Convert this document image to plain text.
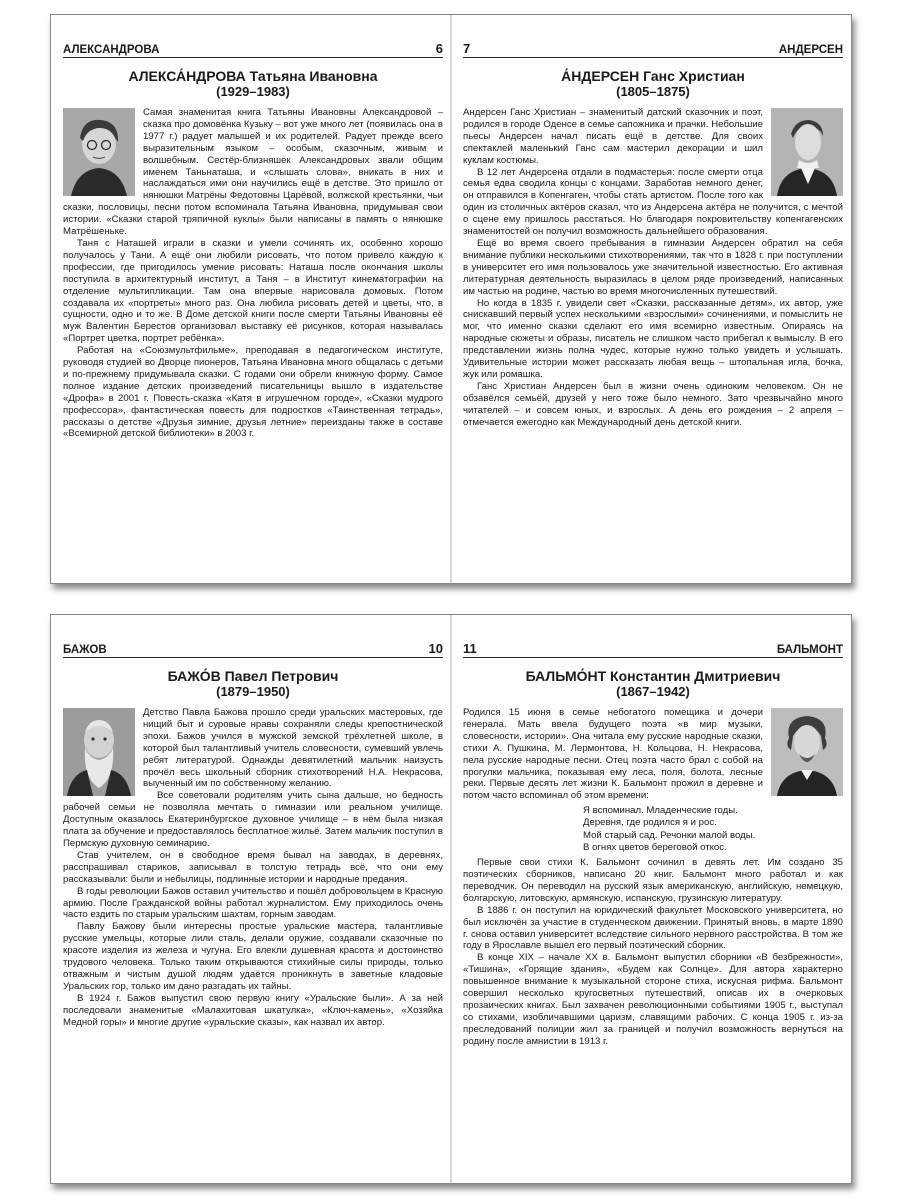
АЛЕКСАНДРОВА	6
АЛЕКСА́НДРОВА Татьяна Ивановна
(1929–1983)

Самая знаменитая книга Татьяны Ивановны Александровой – сказка про домовёнка Кузьку – вот уже много лет (появилась она в 1977 г.) радует малышей и их родителей. Радует прежде всего выразительным языком – особым, сказочным, живым и волшебным. Сестёр-близняшек Александровых звали общим именем Таньнаташа, и «слышать слова», вникать в них и наслаждаться ими они научились ещё в детстве. Это пришло от нянюшки Матрёны Федотовны Царёвой, волжской крестьянки, чьи сказки, пословицы, песни потом вспоминала Татьяна Ивановна, придумывая свои истории. «Сказки старой тряпичной куклы» были написаны в память о нянюшке Матрёшеньке.

Таня с Наташей играли в сказки и умели сочинять их, особенно хорошо получалось у Тани. А ещё они любили рисовать, что потом привело каждую к профессии, где пригодилось умение рисовать: Наташа после окончания школы поступила в архитектурный институт, а Таня – в Институт кинематографии на отделение мультипликации. Там она впервые нарисовала домовых. Потом создавала их «портреты» много раз. Она любила рисовать детей и цветы, что, в сущности, одно и то же. В Доме детской книги после смерти Татьяны Ивановны её муж Валентин Берестов организовал выставку её рисунков, которая называлась «Портрет цветка, портрет ребёнка».

Работая на «Союзмультфильме», преподавая в педагогическом институте, руководя студией во Дворце пионеров, Татьяна Ивановна много общалась с детьми и по-прежнему придумывала сказки. С годами они обрели книжную форму. Самое полное издание детских произведений писательницы вышло в издательстве «Дрофа» в 2001 г. Повесть-сказка «Катя в игрушечном городе», «Сказки мудрого профессора», фантастическая повесть для подростков «Таинственная тетрадь», рассказы о детстве «Друзья зимние, друзья летние» переизданы также в составе «Всемирной детской библиотеки» в 2003 г.

7	АНДЕРСЕН
А́НДЕРСЕН Ганс Христиан
(1805–1875)

Андерсен Ганс Христиан – знаменитый датский сказочник и поэт, родился в городе Оденсе в семье сапожника и прачки. Небольшие пьесы Андерсен начал писать ещё в детстве. Для своих спектаклей маленький Ганс сам мастерил декорации и шил куклам костюмы.

В 12 лет Андерсена отдали в подмастерья: после смерти отца семья едва сводила концы с концами. Заработав немного денег, он отправился в Копенгаген, чтобы стать артистом. После того как один из столичных актёров сказал, что из Андерсена актёра не получится, с мечтой о сцене ему пришлось расстаться. Но благодаря покровительству копенгагенских знаменитостей он получил возможность дальнейшего образования.

Ещё во время своего пребывания в гимназии Андерсен обратил на себя внимание публики несколькими стихотворениями, так что в 1828 г. при поступлении в университет его имя пользовалось уже значительной известностью. Его активная литературная деятельность выразилась в целом ряде произведений, написанных им частью на родине, частью во время многочисленных путешествий.

Но когда в 1835 г. увидели свет «Сказки, рассказанные детям», их автор, уже снискавший первый успех несколькими «взрослыми» сочинениями, и помыслить не мог, что именно сказки сделают его имя всемирно известным. Опираясь на народные сюжеты и образы, писатель не слишком часто прибегал к вымыслу. В его представлении жизнь полна чудес, которые нужно только увидеть и услышать. Удивительные истории может рассказать любая вещь – штопальная игла, бочка, жук или ромашка.

Ганс Христиан Андерсен был в жизни очень одиноким человеком. Он не обзавёлся семьёй, друзей у него тоже было немного. Зато чрезвычайно много читателей – и совсем юных, и взрослых. А день его рождения – 2 апреля – отмечается ежегодно как Международный день детской книги.

БАЖОВ	10
БАЖО́В Павел Петрович
(1879–1950)

Детство Павла Бажова прошло среди уральских мастеровых, где нищий быт и суровые нравы сохраняли следы крепостнической эпохи. Бажов учился в мужской земской трёхлетней школе, в которой был талантливый учитель словесности, сумевший увлечь ребят литературой. Однажды девятилетний мальчик наизусть прочёл весь школьный сборник стихотворений Н.А. Некрасова, выученный им по собственному желанию.

Все советовали родителям учить сына дальше, но бедность рабочей семьи не позволяла мечтать о гимназии или реальном училище. Доступным оказалось Екатеринбургское духовное училище – в нём была низкая плата за обучение и предоставлялось бесплатное жильё. Затем мальчик поступил в Пермскую духовную семинарию.

Став учителем, он в свободное время бывал на заводах, в деревнях, расспрашивал стариков, записывал в толстую тетрадь всё, что они ему рассказывали: были и небылицы, подлинные истории и народные предания.

В годы революции Бажов оставил учительство и пошёл добровольцем в Красную армию. После Гражданской войны работал журналистом. Ему приходилось очень часто ездить по старым уральским шахтам, горным заводам.

Павлу Бажову были интересны простые уральские мастера, талантливые русские умельцы, которые лили сталь, делали оружие, создавали сказочные по красоте изделия из железа и чугуна. Его влекли душевная красота и достоинство трудового человека. Только таким открываются стихийные силы природы, только отважным и чистым душой людям удаётся проникнуть в заветные кладовые Уральских гор, только им дано разгадать их тайны.

В 1924 г. Бажов выпустил свою первую книгу «Уральские были». А за ней последовали знаменитые «Малахитовая шкатулка», «Ключ-камень», «Хозяйка Медной горы» и многие другие «уральские сказы», как назвал их автор.

11	БАЛЬМОНТ
БАЛЬМО́НТ Константин Дмитриевич
(1867–1942)

Родился 15 июня в семье небогатого помещика и дочери генерала. Мать ввела будущего поэта «в мир музыки, словесности, истории». Она читала ему русские народные сказки, стихи А. Пушкина, М. Лермонтова, Н. Кольцова, Н. Некрасова, пела русские народные песни. Отец поэта часто брал с собой на прогулки мальчика, показывая ему леса, поля, болота, лесные реки. Первые десять лет жизни К. Бальмонт прожил в деревне и потом часто вспоминал об этом времени:

Я вспоминал. Младенческие годы.
Деревня, где родился я и рос.
Мой старый сад. Речонки малой воды.
В огнях цветов береговой откос.

Первые свои стихи К. Бальмонт сочинил в девять лет. Им создано 35 поэтических сборников, написано 20 книг. Бальмонт много работал и как переводчик. Он переводил на русский язык американскую, английскую, немецкую, болгарскую, литовскую, армянскую, испанскую, грузинскую литературу.

В 1886 г. он поступил на юридический факультет Московского университета, но был исключён за участие в студенческом движении. Принятый вновь, в марте 1890 г. снова оставил университет вследствие сильного нервного расстройства. В том же году в Ярославле вышел его первый поэтический сборник.

В конце XIX – начале XX в. Бальмонт выпустил сборники «В безбрежности», «Тишина», «Горящие здания», «Будем как Солнце». Для автора характерно повышенное внимание к музыкальной стороне стиха, искусная рифма. Бальмонт совершил несколько кругосветных путешествий, описав их в очерковых прозаических книгах. Был захвачен революционными событиями 1905 г., выступал со стихами, изобличавшими царизм, славящими рабочих. С конца 1905 г. из-за преследований полиции жил за границей и получил возможность вернуться на родину после амнистии в 1913 г.
